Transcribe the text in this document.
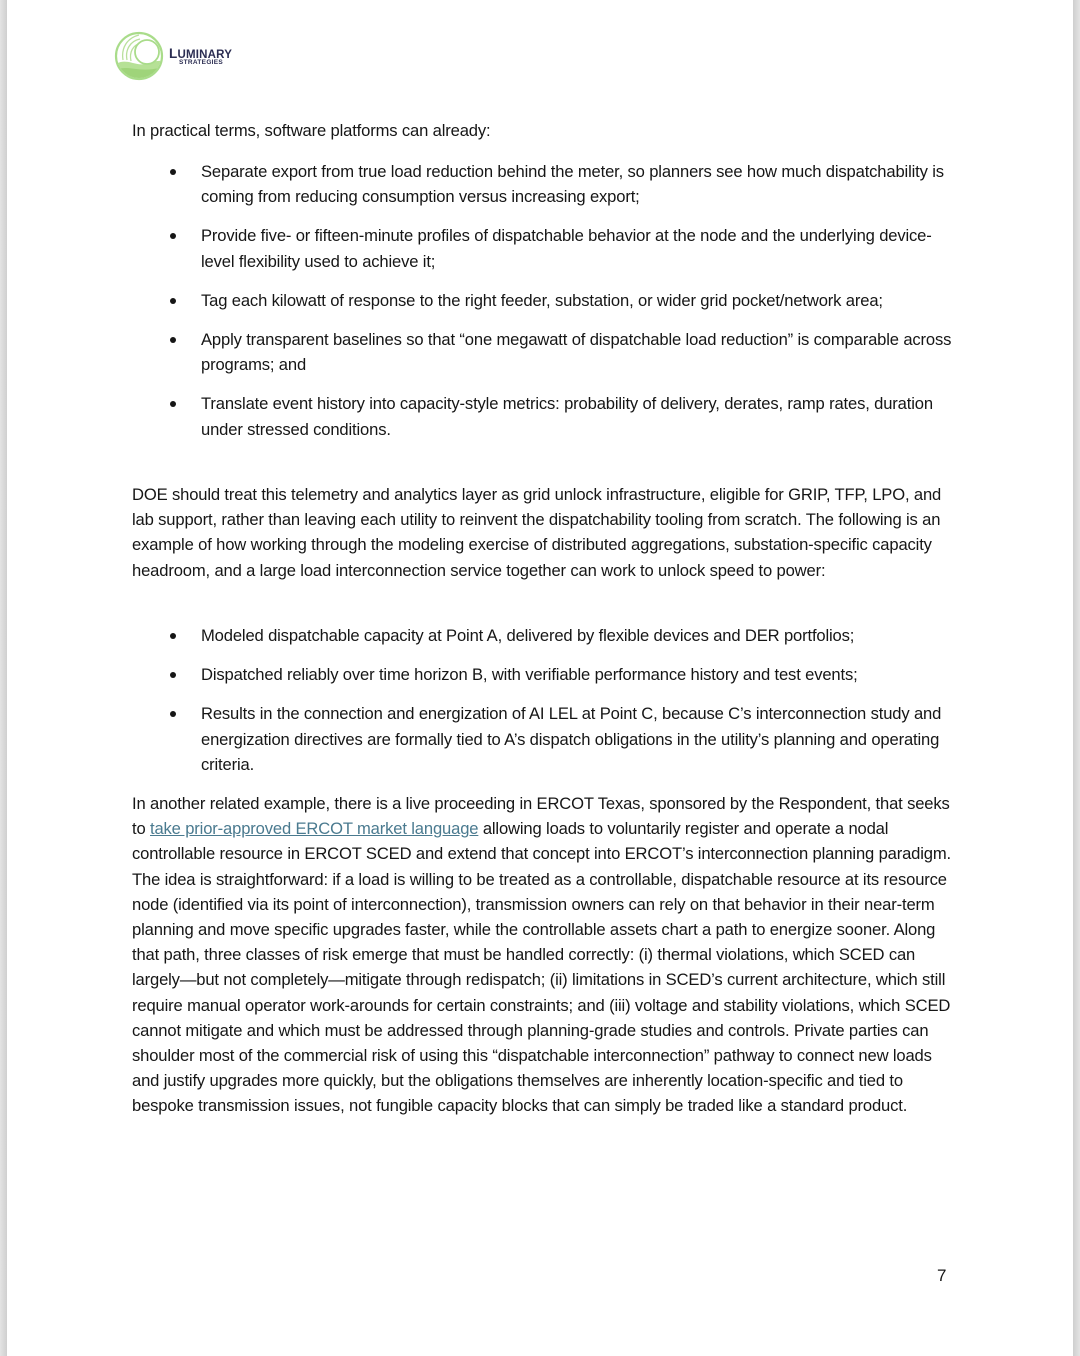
LUMINARY
STRATEGIES

In practical terms, software platforms can already:

Separate export from true load reduction behind the meter, so planners see how much dispatchability is coming from reducing consumption versus increasing export;
Provide five- or fifteen-minute profiles of dispatchable behavior at the node and the underlying device-level flexibility used to achieve it;
Tag each kilowatt of response to the right feeder, substation, or wider grid pocket/network area;
Apply transparent baselines so that “one megawatt of dispatchable load reduction” is comparable across programs; and
Translate event history into capacity-style metrics: probability of delivery, derates, ramp rates, duration under stressed conditions.

DOE should treat this telemetry and analytics layer as grid unlock infrastructure, eligible for GRIP, TFP, LPO, and lab support, rather than leaving each utility to reinvent the dispatchability tooling from scratch. The following is an example of how working through the modeling exercise of distributed aggregations, substation-specific capacity headroom, and a large load interconnection service together can work to unlock speed to power:

Modeled dispatchable capacity at Point A, delivered by flexible devices and DER portfolios;
Dispatched reliably over time horizon B, with verifiable performance history and test events;
Results in the connection and energization of AI LEL at Point C, because C’s interconnection study and energization directives are formally tied to A’s dispatch obligations in the utility’s planning and operating criteria.

In another related example, there is a live proceeding in ERCOT Texas, sponsored by the Respondent, that seeks to take prior-approved ERCOT market language allowing loads to voluntarily register and operate a nodal controllable resource in ERCOT SCED and extend that concept into ERCOT’s interconnection planning paradigm. The idea is straightforward: if a load is willing to be treated as a controllable, dispatchable resource at its resource node (identified via its point of interconnection), transmission owners can rely on that behavior in their near-term planning and move specific upgrades faster, while the controllable assets chart a path to energize sooner. Along that path, three classes of risk emerge that must be handled correctly: (i) thermal violations, which SCED can largely—but not completely—mitigate through redispatch; (ii) limitations in SCED’s current architecture, which still require manual operator work-arounds for certain constraints; and (iii) voltage and stability violations, which SCED cannot mitigate and which must be addressed through planning-grade studies and controls. Private parties can shoulder most of the commercial risk of using this “dispatchable interconnection” pathway to connect new loads and justify upgrades more quickly, but the obligations themselves are inherently location-specific and tied to bespoke transmission issues, not fungible capacity blocks that can simply be traded like a standard product.

7
